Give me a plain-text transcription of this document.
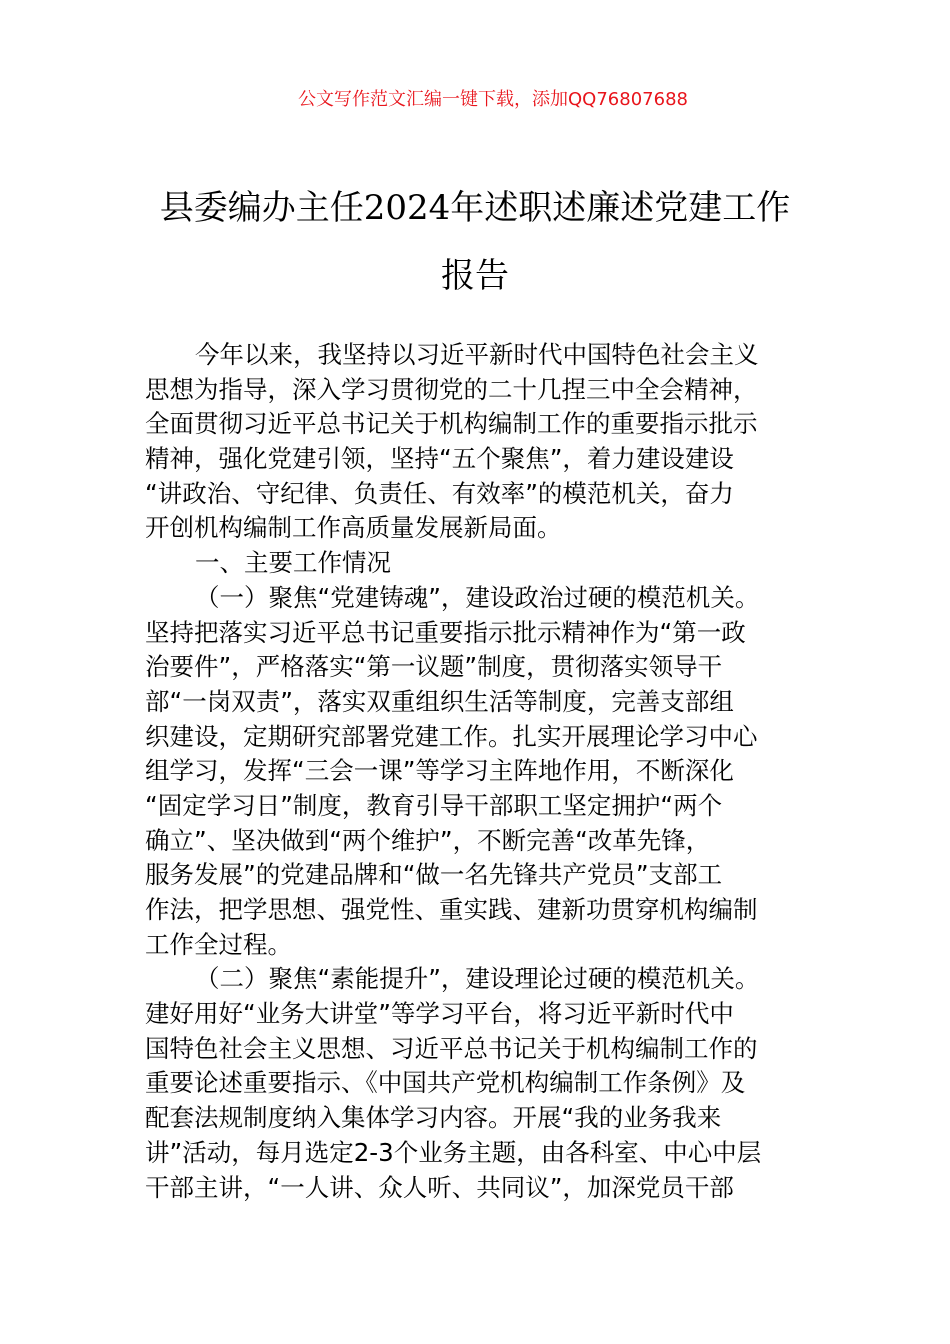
公文写作范文汇编一键下载，添加QQ76807688
县委编办主任2024年述职述廉述党建工作
报告
今年以来，我坚持以习近平新时代中国特色社会主义
思想为指导，深入学习贯彻党的二十几捏三中全会精神，
全面贯彻习近平总书记关于机构编制工作的重要指示批示
精神，强化党建引领，坚持“五个聚焦”，着力建设建设
“讲政治、守纪律、负责任、有效率”的模范机关，奋力
开创机构编制工作高质量发展新局面。
一、主要工作情况
（一）聚焦“党建铸魂”，建设政治过硬的模范机关。
坚持把落实习近平总书记重要指示批示精神作为“第一政
治要件”，严格落实“第一议题”制度，贯彻落实领导干
部“一岗双责”，落实双重组织生活等制度，完善支部组
织建设，定期研究部署党建工作。扎实开展理论学习中心
组学习，发挥“三会一课”等学习主阵地作用，不断深化
“固定学习日”制度，教育引导干部职工坚定拥护“两个
确立”、坚决做到“两个维护”，不断完善“改革先锋，
服务发展”的党建品牌和“做一名先锋共产党员”支部工
作法，把学思想、强党性、重实践、建新功贯穿机构编制
工作全过程。
（二）聚焦“素能提升”，建设理论过硬的模范机关。
建好用好“业务大讲堂”等学习平台，将习近平新时代中
国特色社会主义思想、习近平总书记关于机构编制工作的
重要论述重要指示、《中国共产党机构编制工作条例》及
配套法规制度纳入集体学习内容。开展“我的业务我来
讲”活动，每月选定2-3个业务主题，由各科室、中心中层
干部主讲，“一人讲、众人听、共同议”，加深党员干部
